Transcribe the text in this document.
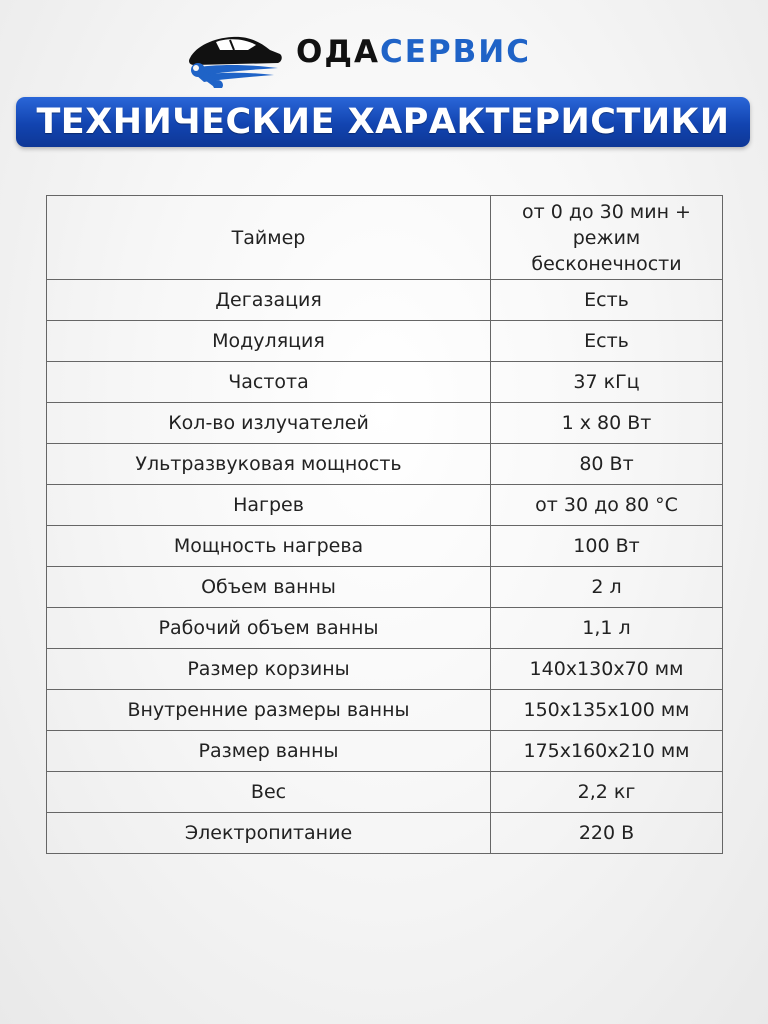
ОДАСЕРВИС
ТЕХНИЧЕСКИЕ ХАРАКТЕРИСТИКИ
Таймер	от 0 до 30 мин + режим бесконечности
Дегазация	Есть
Модуляция	Есть
Частота	37 кГц
Кол-во излучателей	1 х 80 Вт
Ультразвуковая мощность	80 Вт
Нагрев	от 30 до 80 °C
Мощность нагрева	100 Вт
Объем ванны	2 л
Рабочий объем ванны	1,1 л
Размер корзины	140х130х70 мм
Внутренние размеры ванны	150х135х100 мм
Размер ванны	175х160х210 мм
Вес	2,2 кг
Электропитание	220 В
